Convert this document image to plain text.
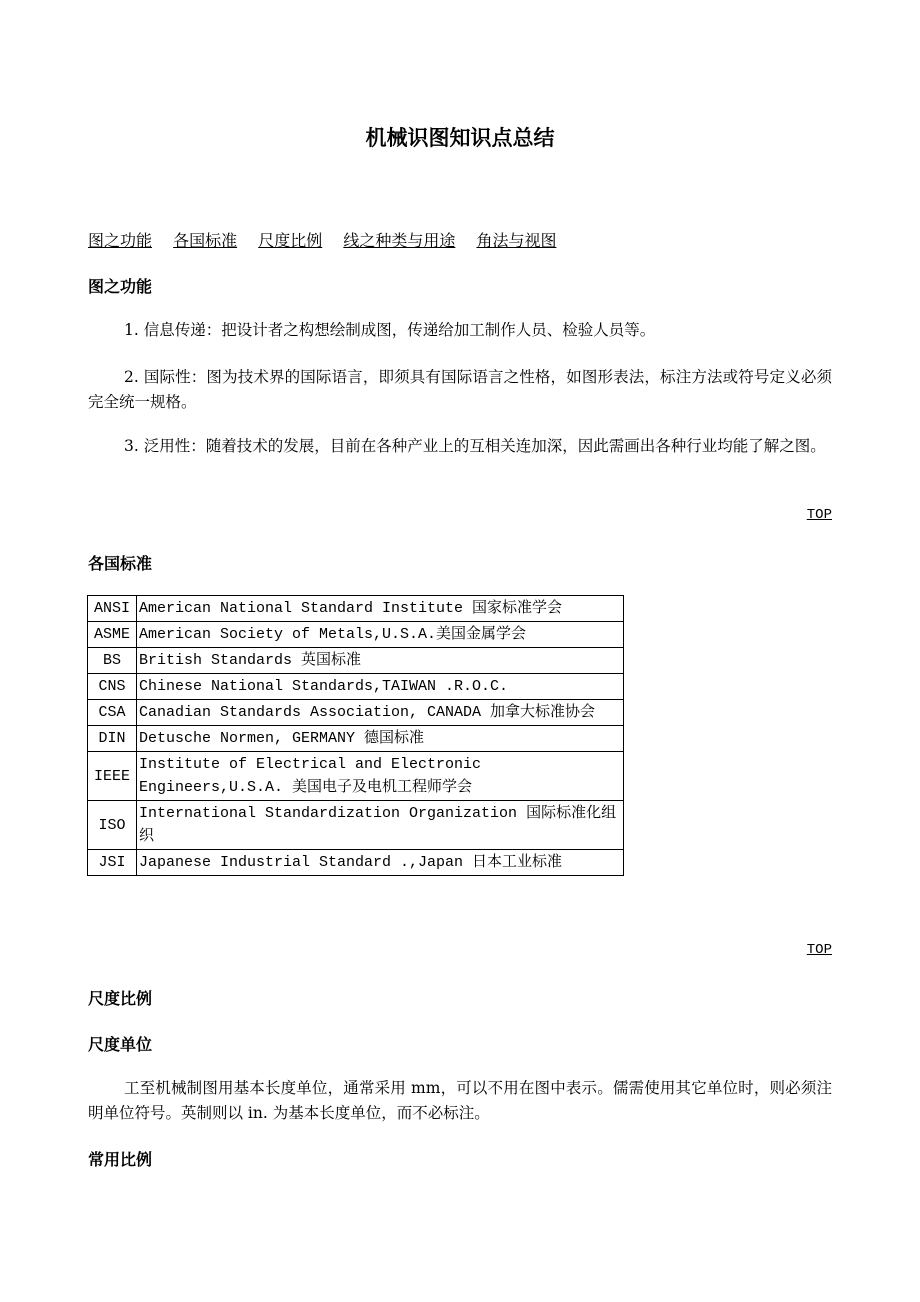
机械识图知识点总结
图之功能 各国标准 尺度比例 线之种类与用途 角法与视图
图之功能
1. 信息传递：把设计者之构想绘制成图，传递给加工制作人员、检验人员等。
2. 国际性：图为技术界的国际语言，即须具有国际语言之性格，如图形表法，标注方法或符号定义必须完全统一规格。
3. 泛用性：随着技术的发展，目前在各种产业上的互相关连加深，因此需画出各种行业均能了解之图。
TOP
各国标准
ANSI	American National Standard Institute 国家标准学会
ASME	American Society of Metals,U.S.A.美国金属学会
BS	British Standards 英国标准
CNS	Chinese National Standards,TAIWAN .R.O.C.
CSA	Canadian Standards Association, CANADA 加拿大标准协会
DIN	Detusche Normen, GERMANY 德国标准
IEEE	Institute of Electrical and Electronic Engineers,U.S.A. 美国电子及电机工程师学会
ISO	International Standardization Organization 国际标准化组织
JSI	Japanese Industrial Standard .,Japan 日本工业标准
TOP
尺度比例
尺度单位
工至机械制图用基本长度单位，通常采用 mm，可以不用在图中表示。儒需使用其它单位时，则必须注明单位符号。英制则以 in. 为基本长度单位，而不必标注。
常用比例
